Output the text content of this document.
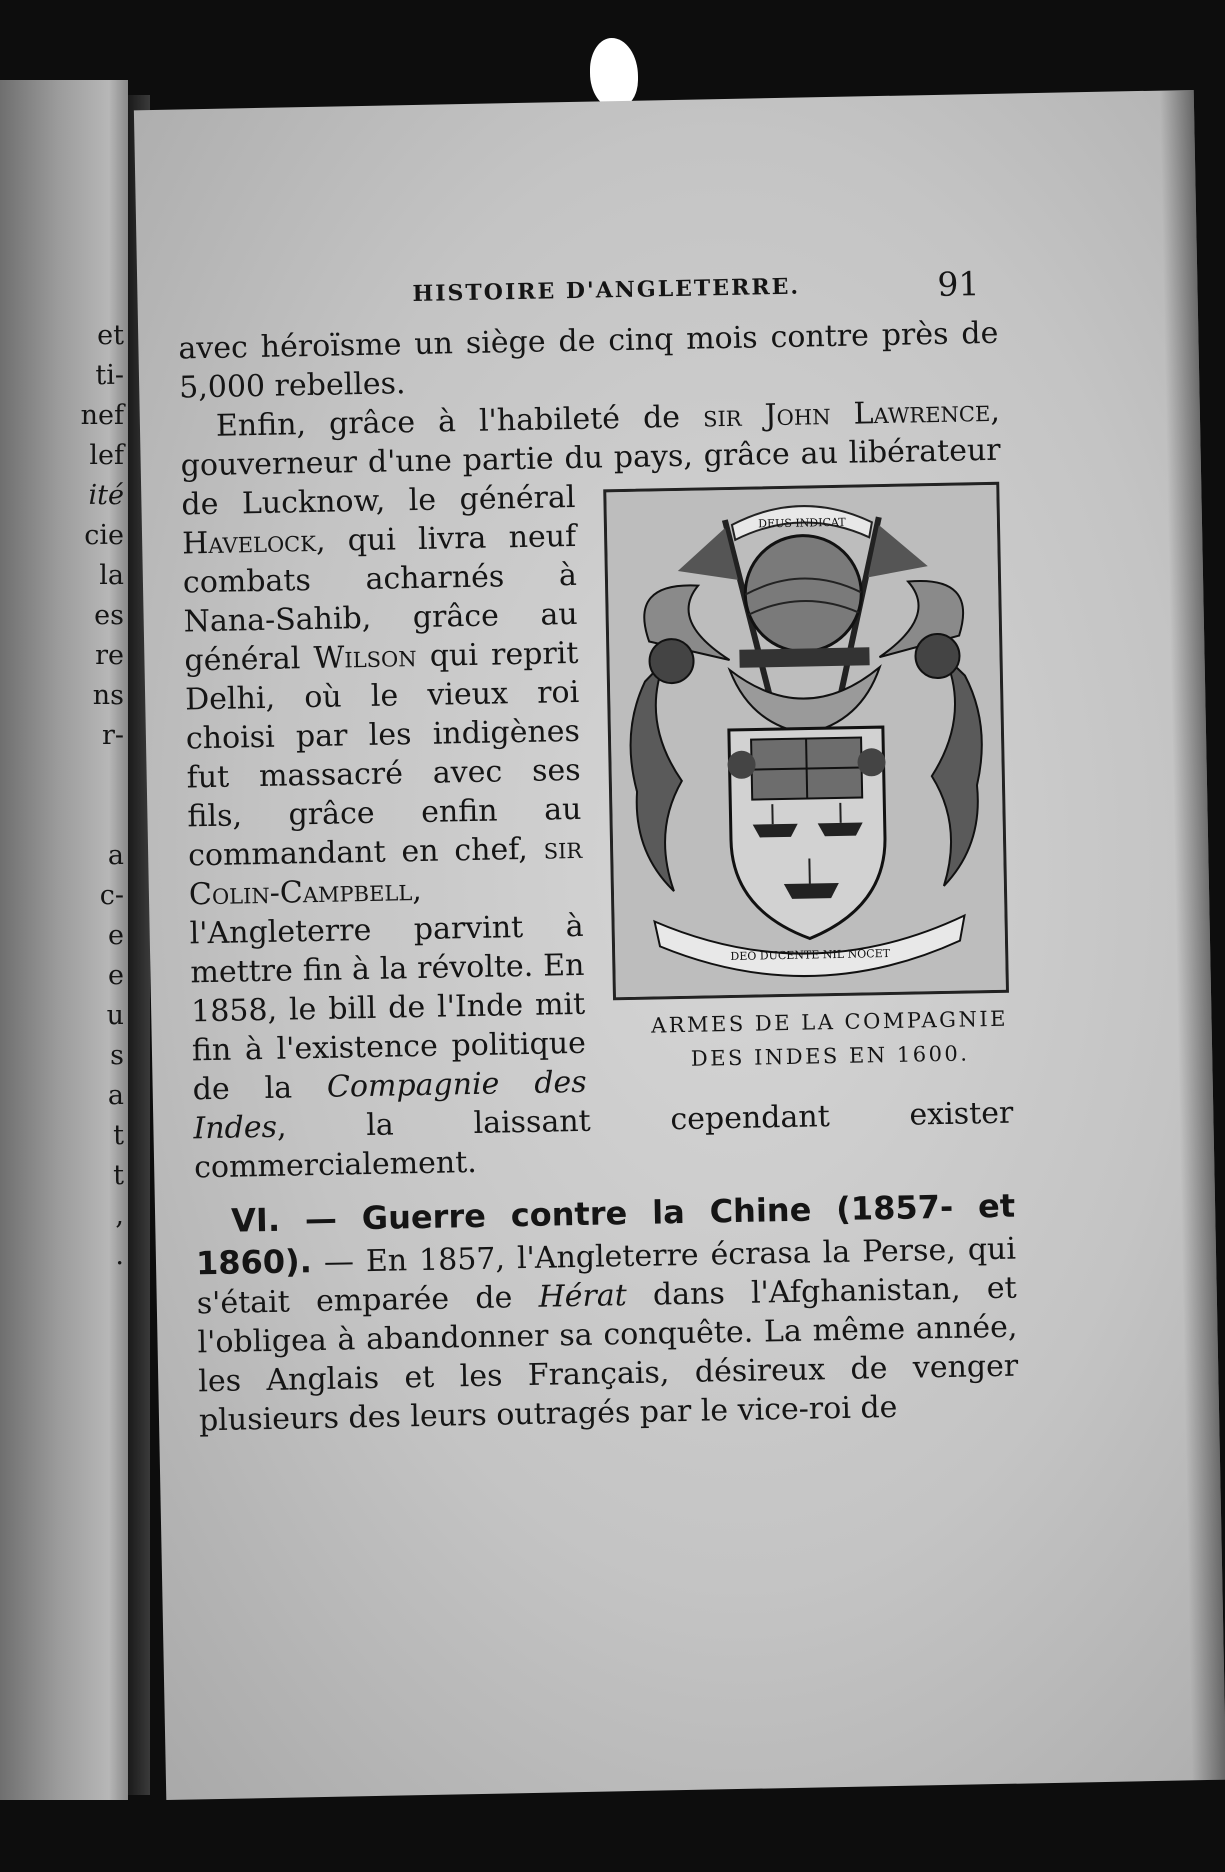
et
ti-
nef
lef
ité
cie
la
es
re
ns
r-
a
c-
e
e
u
s
a
t
t
,
.
HISTOIRE D'ANGLETERRE.	91

avec héroïsme un siège de cinq mois contre près de 5,000 rebelles.

Enfin, grâce à l'habileté de sir John Lawrence, gouverneur d'une partie du pays, grâce au libérateur de Lucknow, le général
DEUS INDICAT
DEO DUCENTE NIL NOCET
ARMES DE LA COMPAGNIE
DES INDES EN 1600.
Havelock, qui livra neuf combats acharnés à Nana-Sahib, grâce au général Wilson qui reprit Delhi, où le vieux roi choisi par les indigènes fut massacré avec ses fils, grâce enfin au commandant en chef, sir Colin-Campbell, l'Angleterre parvint à mettre fin à la révolte. En 1858, le bill de l'Inde mit fin à l'existence politique de la Compagnie des Indes, la laissant cependant exister commercialement.

VI. — Guerre contre la Chine (1857- et 1860). — En 1857, l'Angleterre écrasa la Perse, qui s'était emparée de Hérat dans l'Afghanistan, et l'obligea à abandonner sa conquête. La même année, les Anglais et les Français, désireux de venger plusieurs des leurs outragés par le vice-roi de
